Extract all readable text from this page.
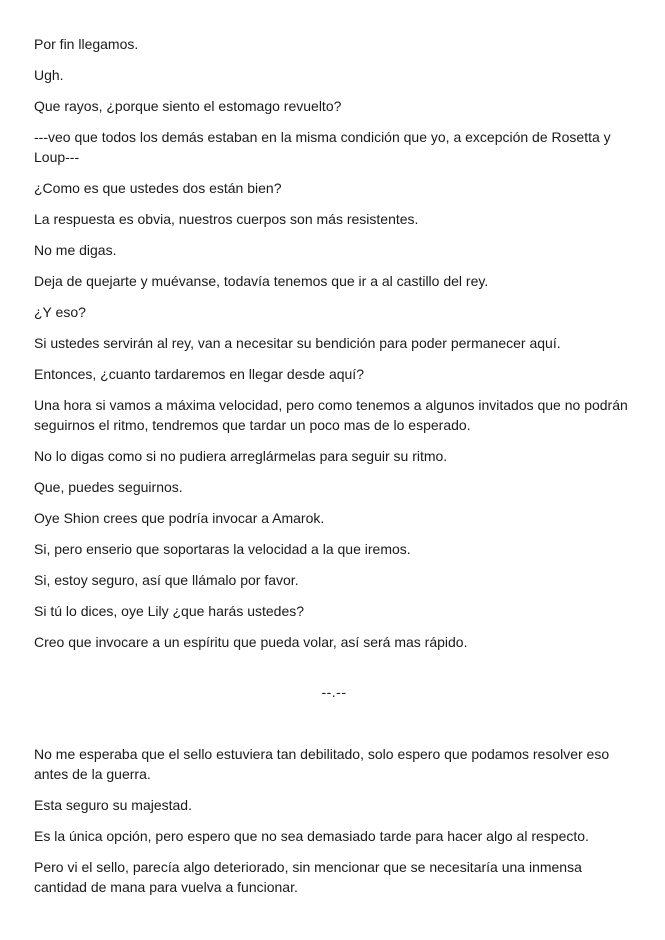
Por fin llegamos.

Ugh.

Que rayos, ¿porque siento el estomago revuelto?

---veo que todos los demás estaban en la misma condición que yo, a excepción de Rosetta y Loup---

¿Como es que ustedes dos están bien?

La respuesta es obvia, nuestros cuerpos son más resistentes.

No me digas.

Deja de quejarte y muévanse, todavía tenemos que ir a al castillo del rey.

¿Y eso?

Si ustedes servirán al rey, van a necesitar su bendición para poder permanecer aquí.

Entonces, ¿cuanto tardaremos en llegar desde aquí?

Una hora si vamos a máxima velocidad, pero como tenemos a algunos invitados que no podrán seguirnos el ritmo, tendremos que tardar un poco mas de lo esperado.

No lo digas como si no pudiera arreglármelas para seguir su ritmo.

Que, puedes seguirnos.

Oye Shion crees que podría invocar a Amarok.

Si, pero enserio que soportaras la velocidad a la que iremos.

Si, estoy seguro, así que llámalo por favor.

Si tú lo dices, oye Lily ¿que harás ustedes?

Creo que invocare a un espíritu que pueda volar, así será mas rápido.

--.--

No me esperaba que el sello estuviera tan debilitado, solo espero que podamos resolver eso antes de la guerra.

Esta seguro su majestad.

Es la única opción, pero espero que no sea demasiado tarde para hacer algo al respecto.

Pero vi el sello, parecía algo deteriorado, sin mencionar que se necesitaría una inmensa cantidad de mana para vuelva a funcionar.
